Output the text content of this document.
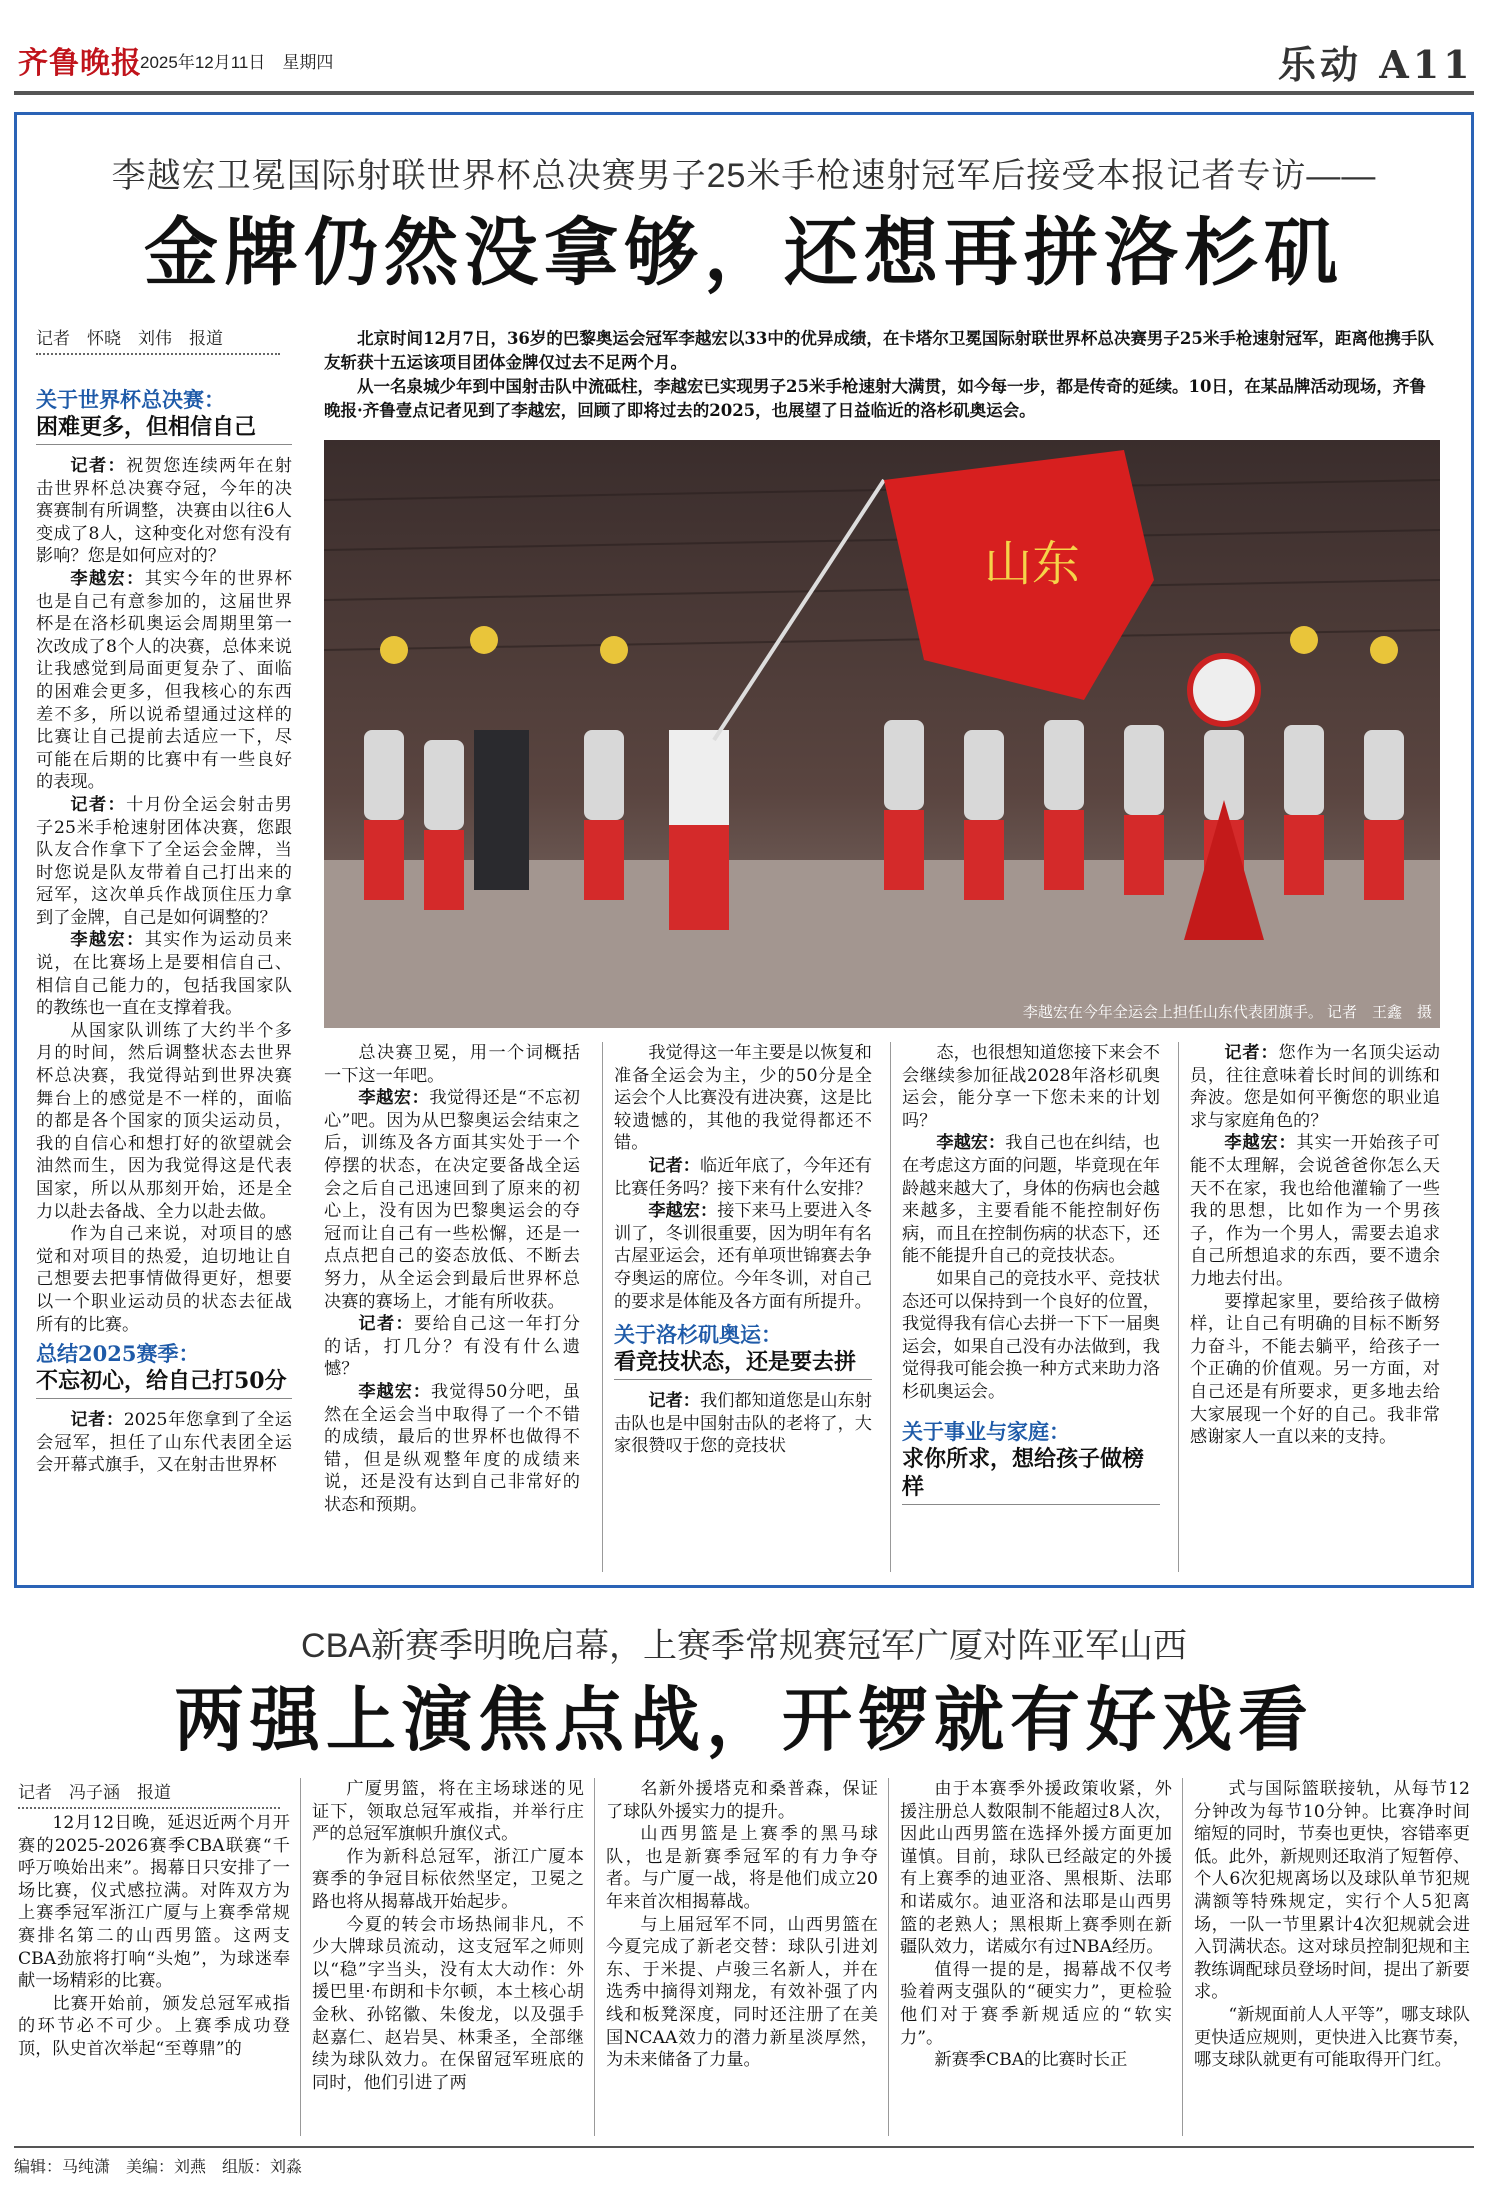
齐鲁晚报
2025年12月11日　星期四	乐动 A11
李越宏卫冕国际射联世界杯总决赛男子25米手枪速射冠军后接受本报记者专访——
金牌仍然没拿够，还想再拼洛杉矶
记者　怀晓　刘伟　报道	北京时间12月7日，36岁的巴黎奥运会冠军李越宏以33中的优异成绩，在卡塔尔卫冕国际射联世界杯总决赛男子25米手枪速射冠军，距离他携手队友斩获十五运该项目团体金牌仅过去不足两个月。

从一名泉城少年到中国射击队中流砥柱，李越宏已实现男子25米手枪速射大满贯，如今每一步，都是传奇的延续。10日，在某品牌活动现场，齐鲁晚报·齐鲁壹点记者见到了李越宏，回顾了即将过去的2025，也展望了日益临近的洛杉矶奥运会。

关于世界杯总决赛：
困难更多，但相信自己

记者：祝贺您连续两年在射击世界杯总决赛夺冠，今年的决赛赛制有所调整，决赛由以往6人变成了8人，这种变化对您有没有影响？您是如何应对的？

李越宏：其实今年的世界杯也是自己有意参加的，这届世界杯是在洛杉矶奥运会周期里第一次改成了8个人的决赛，总体来说让我感觉到局面更复杂了、面临的困难会更多，但我核心的东西差不多，所以说希望通过这样的比赛让自己提前去适应一下，尽可能在后期的比赛中有一些良好的表现。

记者：十月份全运会射击男子25米手枪速射团体决赛，您跟队友合作拿下了全运会金牌，当时您说是队友带着自己打出来的冠军，这次单兵作战顶住压力拿到了金牌，自己是如何调整的？

李越宏：其实作为运动员来说，在比赛场上是要相信自己、相信自己能力的，包括我国家队的教练也一直在支撑着我。

从国家队训练了大约半个多月的时间，然后调整状态去世界杯总决赛，我觉得站到世界决赛舞台上的感觉是不一样的，面临的都是各个国家的顶尖运动员，我的自信心和想打好的欲望就会油然而生，因为我觉得这是代表国家，所以从那刻开始，还是全力以赴去备战、全力以赴去做。

作为自己来说，对项目的感觉和对项目的热爱，迫切地让自己想要去把事情做得更好，想要以一个职业运动员的状态去征战所有的比赛。

总结2025赛季：
不忘初心，给自己打50分

记者：2025年您拿到了全运会冠军，担任了山东代表团全运会开幕式旗手，又在射击世界杯

山东
李越宏在今年全运会上担任山东代表团旗手。 记者　王鑫　摄

总决赛卫冕，用一个词概括一下这一年吧。

李越宏：我觉得还是“不忘初心”吧。因为从巴黎奥运会结束之后，训练及各方面其实处于一个停摆的状态，在决定要备战全运会之后自己迅速回到了原来的初心上，没有因为巴黎奥运会的夺冠而让自己有一些松懈，还是一点点把自己的姿态放低、不断去努力，从全运会到最后世界杯总决赛的赛场上，才能有所收获。

记者：要给自己这一年打分的话，打几分？有没有什么遗憾？

李越宏：我觉得50分吧，虽然在全运会当中取得了一个不错的成绩，最后的世界杯也做得不错，但是纵观整年度的成绩来说，还是没有达到自己非常好的状态和预期。

我觉得这一年主要是以恢复和准备全运会为主，少的50分是全运会个人比赛没有进决赛，这是比较遗憾的，其他的我觉得都还不错。

记者：临近年底了，今年还有比赛任务吗？接下来有什么安排？

李越宏：接下来马上要进入冬训了，冬训很重要，因为明年有名古屋亚运会，还有单项世锦赛去争夺奥运的席位。今年冬训，对自己的要求是体能及各方面有所提升。

关于洛杉矶奥运：
看竞技状态，还是要去拼

记者：我们都知道您是山东射击队也是中国射击队的老将了，大家很赞叹于您的竞技状

态，也很想知道您接下来会不会继续参加征战2028年洛杉矶奥运会，能分享一下您未来的计划吗？

李越宏：我自己也在纠结，也在考虑这方面的问题，毕竟现在年龄越来越大了，身体的伤病也会越来越多，主要看能不能控制好伤病，而且在控制伤病的状态下，还能不能提升自己的竞技状态。

如果自己的竞技水平、竞技状态还可以保持到一个良好的位置，我觉得我有信心去拼一下下一届奥运会，如果自己没有办法做到，我觉得我可能会换一种方式来助力洛杉矶奥运会。

关于事业与家庭：
求你所求，想给孩子做榜样

记者：您作为一名顶尖运动员，往往意味着长时间的训练和奔波。您是如何平衡您的职业追求与家庭角色的？

李越宏：其实一开始孩子可能不太理解，会说爸爸你怎么天天不在家，我也给他灌输了一些我的思想，比如作为一个男孩子，作为一个男人，需要去追求自己所想追求的东西，要不遗余力地去付出。

要撑起家里，要给孩子做榜样，让自己有明确的目标不断努力奋斗，不能去躺平，给孩子一个正确的价值观。另一方面，对自己还是有所要求，更多地去给大家展现一个好的自己。我非常感谢家人一直以来的支持。

CBA新赛季明晚启幕，上赛季常规赛冠军广厦对阵亚军山西
两强上演焦点战，开锣就有好戏看
记者　冯子涵　报道

12月12日晚，延迟近两个月开赛的2025-2026赛季CBA联赛“千呼万唤始出来”。揭幕日只安排了一场比赛，仪式感拉满。对阵双方为上赛季冠军浙江广厦与上赛季常规赛排名第二的山西男篮。这两支CBA劲旅将打响“头炮”，为球迷奉献一场精彩的比赛。

比赛开始前，颁发总冠军戒指的环节必不可少。上赛季成功登顶，队史首次举起“至尊鼎”的

广厦男篮，将在主场球迷的见证下，领取总冠军戒指，并举行庄严的总冠军旗帜升旗仪式。

作为新科总冠军，浙江广厦本赛季的争冠目标依然坚定，卫冕之路也将从揭幕战开始起步。

今夏的转会市场热闹非凡，不少大牌球员流动，这支冠军之师则以“稳”字当头，没有太大动作：外援巴里·布朗和卡尔顿，本土核心胡金秋、孙铭徽、朱俊龙，以及强手赵嘉仁、赵岩昊、林秉圣，全部继续为球队效力。在保留冠军班底的同时，他们引进了两

名新外援塔克和桑普森，保证了球队外援实力的提升。

山西男篮是上赛季的黑马球队，也是新赛季冠军的有力争夺者。与广厦一战，将是他们成立20年来首次相揭幕战。

与上届冠军不同，山西男篮在今夏完成了新老交替：球队引进刘东、于米提、卢骏三名新人，并在选秀中摘得刘翔龙，有效补强了内线和板凳深度，同时还注册了在美国NCAA效力的潜力新星淡厚然，为未来储备了力量。

由于本赛季外援政策收紧，外援注册总人数限制不能超过8人次，因此山西男篮在选择外援方面更加谨慎。目前，球队已经敲定的外援有上赛季的迪亚洛、黑根斯、法耶和诺威尔。迪亚洛和法耶是山西男篮的老熟人；黑根斯上赛季则在新疆队效力，诺威尔有过NBA经历。

值得一提的是，揭幕战不仅考验着两支强队的“硬实力”，更检验他们对于赛季新规适应的“软实力”。

新赛季CBA的比赛时长正

式与国际篮联接轨，从每节12分钟改为每节10分钟。比赛净时间缩短的同时，节奏也更快，容错率更低。此外，新规则还取消了短暂停、个人6次犯规离场以及球队单节犯规满额等特殊规定，实行个人5犯离场，一队一节里累计4次犯规就会进入罚满状态。这对球员控制犯规和主教练调配球员登场时间，提出了新要求。

“新规面前人人平等”，哪支球队更快适应规则，更快进入比赛节奏，哪支球队就更有可能取得开门红。

编辑：马纯潇　美编：刘燕　组版：刘淼
